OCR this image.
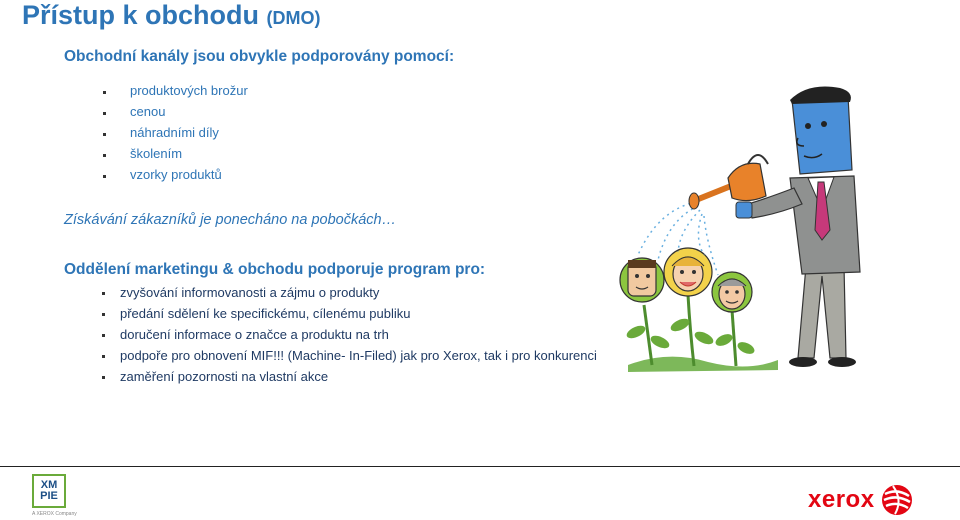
Přístup k obchodu (DMO)
Obchodní kanály jsou obvykle podporovány pomocí:
produktových brožur
cenou
náhradními díly
školením
vzorky produktů
Získávání zákazníků je ponecháno na pobočkách…
Oddělení marketingu & obchodu podporuje program pro:
zvyšování informovanosti a zájmu o produkty
předání sdělení ke specifickému, cílenému publiku
doručení informace o značce a produktu na trh
podpoře pro obnovení MIF!!! (Machine- In-Filed) jak pro Xerox, tak i pro konkurenci
zaměření pozornosti na vlastní akce
XM
PIE
A XEROX Company
xerox
